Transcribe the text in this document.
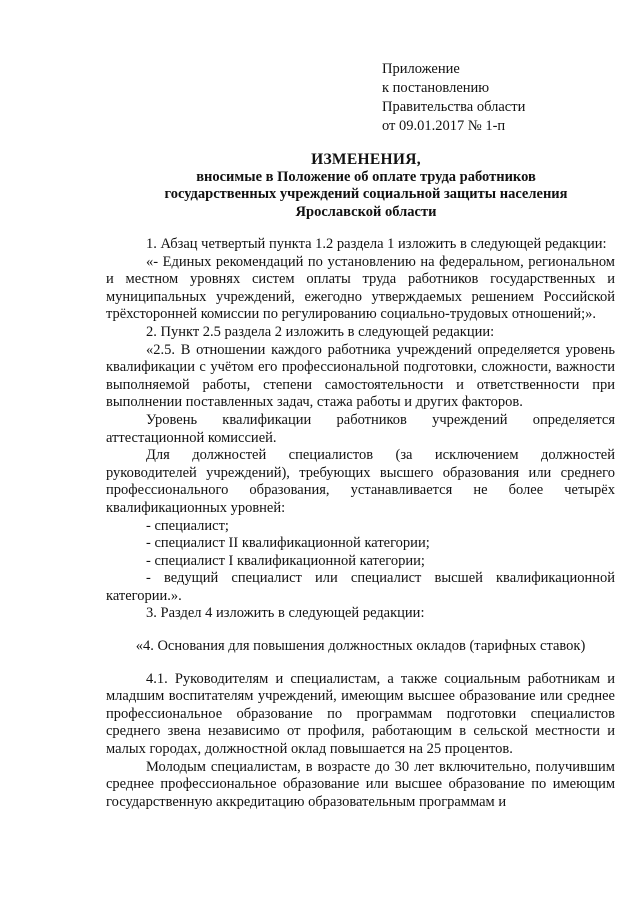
Приложение
к постановлению
Правительства области
от 09.01.2017 № 1-п
ИЗМЕНЕНИЯ,
вносимые в Положение об оплате труда работников
государственных учреждений социальной защиты населения
Ярославской области

1. Абзац четвертый пункта 1.2 раздела 1 изложить в следующей редакции:

«- Единых рекомендаций по установлению на федеральном, региональном и местном уровнях систем оплаты труда работников государственных и муниципальных учреждений, ежегодно утверждаемых решением Российской трёхсторонней комиссии по регулированию социально-трудовых отношений;».

2. Пункт 2.5 раздела 2 изложить в следующей редакции:

«2.5. В отношении каждого работника учреждений определяется уровень квалификации с учётом его профессиональной подготовки, сложности, важности выполняемой работы, степени самостоятельности и ответственности при выполнении поставленных задач, стажа работы и других факторов.

Уровень квалификации работников учреждений определяется аттестационной комиссией.

Для должностей специалистов (за исключением должностей руководителей учреждений), требующих высшего образования или среднего профессионального образования, устанавливается не более четырёх квалификационных уровней:

- специалист;

- специалист II квалификационной категории;

- специалист I квалификационной категории;

- ведущий специалист или специалист высшей квалификационной категории.».

3. Раздел 4 изложить в следующей редакции:

«4. Основания для повышения должностных окладов (тарифных ставок)

4.1. Руководителям и специалистам, а также социальным работникам и младшим воспитателям учреждений, имеющим высшее образование или среднее профессиональное образование по программам подготовки специалистов среднего звена независимо от профиля, работающим в сельской местности и малых городах, должностной оклад повышается на 25 процентов.

Молодым специалистам, в возрасте до 30 лет включительно, получившим среднее профессиональное образование или высшее образование по имеющим государственную аккредитацию образовательным программам и
